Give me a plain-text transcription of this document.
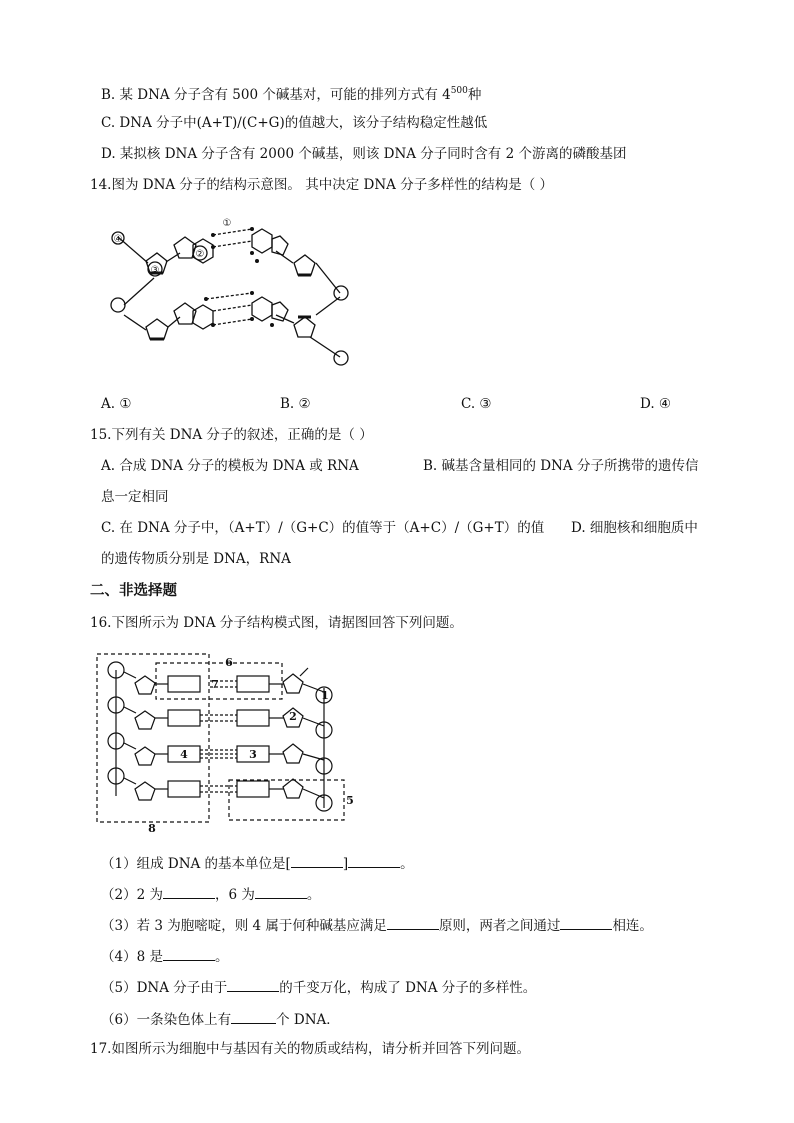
B. 某 DNA 分子含有 500 个碱基对，可能的排列方式有 $4^{500}$种
C. DNA 分子中(A+T)/(C+G)的值越大，该分子结构稳定性越低
D. 某拟核 DNA 分子含有 2000 个碱基，则该 DNA 分子同时含有 2 个游离的磷酸基团
14.图为 DNA 分子的结构示意图。 其中决定 DNA 分子多样性的结构是（ ）
①
②
③
④
A. ①	B. ②	C. ③	D. ④
15.下列有关 DNA 分子的叙述，正确的是（ ）
A. 合成 DNA 分子的模板为 DNA 或 RNA	B. 碱基含量相同的 DNA 分子所携带的遗传信
息一定相同
C. 在 DNA 分子中，（A+T）/（G+C）的值等于（A+C）/（G+T）的值 D. 细胞核和细胞质中
的遗传物质分别是 DNA，RNA
二、非选择题
16.下图所示为 DNA 分子结构模式图，请据图回答下列问题。
1
2
3
4
5
6
7
8
（1）组成 DNA 的基本单位是[	]	。
（2）2 为	，6 为	。
（3）若 3 为胞嘧啶，则 4 属于何种碱基应满足	原则，两者之间通过	相连。
（4）8 是	。
（5）DNA 分子由于	的千变万化，构成了 DNA 分子的多样性。
（6）一条染色体上有	个 DNA．
17.如图所示为细胞中与基因有关的物质或结构，请分析并回答下列问题。
